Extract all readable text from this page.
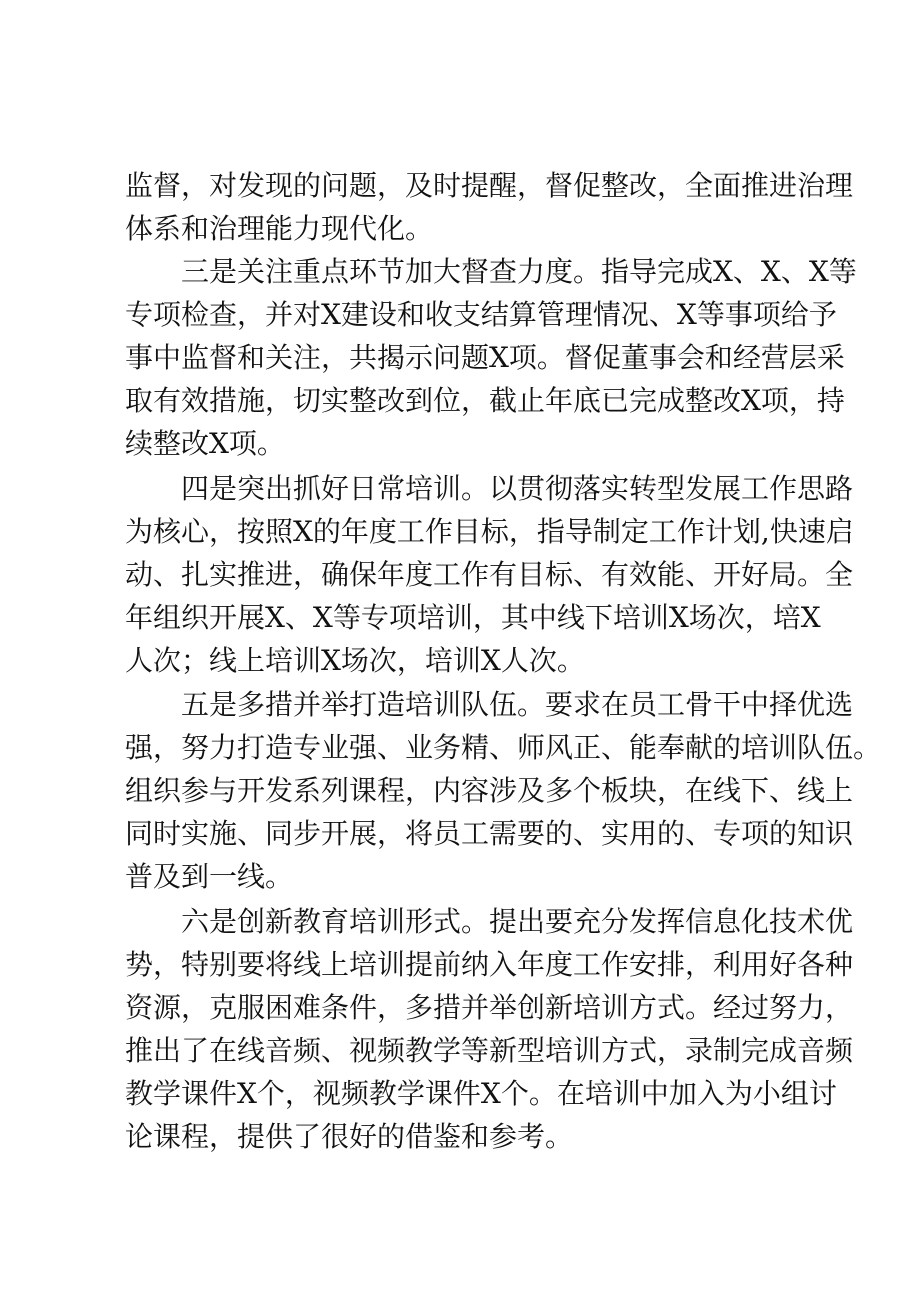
监督，对发现的问题，及时提醒，督促整改，全面推进治理
体系和治理能力现代化。
三是关注重点环节加大督查力度。指导完成X、X、X等
专项检查，并对X建设和收支结算管理情况、X等事项给予
事中监督和关注，共揭示问题X项。督促董事会和经营层采
取有效措施，切实整改到位，截止年底已完成整改X项，持
续整改X项。
四是突出抓好日常培训。以贯彻落实转型发展工作思路
为核心，按照X的年度工作目标，指导制定工作计划,快速启
动、扎实推进，确保年度工作有目标、有效能、开好局。全
年组织开展X、X等专项培训，其中线下培训X场次，培X
人次；线上培训X场次，培训X人次。
五是多措并举打造培训队伍。要求在员工骨干中择优选
强，努力打造专业强、业务精、师风正、能奉献的培训队伍。
组织参与开发系列课程，内容涉及多个板块，在线下、线上
同时实施、同步开展，将员工需要的、实用的、专项的知识
普及到一线。
六是创新教育培训形式。提出要充分发挥信息化技术优
势，特别要将线上培训提前纳入年度工作安排，利用好各种
资源，克服困难条件，多措并举创新培训方式。经过努力，
推出了在线音频、视频教学等新型培训方式，录制完成音频
教学课件X个，视频教学课件X个。在培训中加入为小组讨
论课程，提供了很好的借鉴和参考。
